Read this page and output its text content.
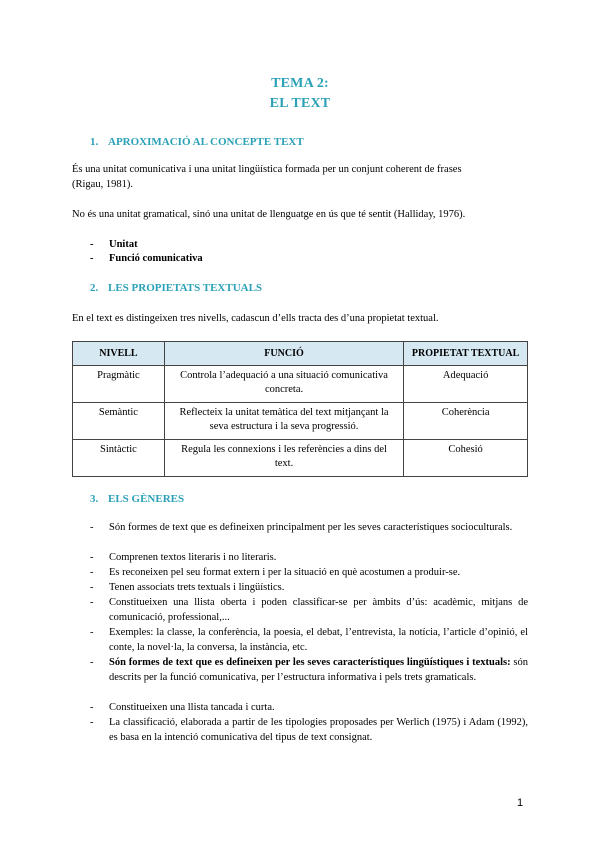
TEMA 2:
EL TEXT
1. APROXIMACIÓ AL CONCEPTE TEXT
És una unitat comunicativa i una unitat lingüística formada per un conjunt coherent de frases
(Rigau, 1981).
No és una unitat gramatical, sinó una unitat de llenguatge en ús que té sentit (Halliday, 1976).
- Unitat
- Funció comunicativa
2. LES PROPIETATS TEXTUALS
En el text es distingeixen tres nivells, cadascun d’ells tracta des d’una propietat textual.
NIVELL	FUNCIÓ	PROPIETAT TEXTUAL
Pragmàtic	Controla l’adequació a una situació comunicativa concreta.	Adequació
Semàntic	Reflecteix la unitat temàtica del text mitjançant la seva estructura i la seva progressió.	Coherència
Sintàctic	Regula les connexions i les referències a dins del text.	Cohesió
3. ELS GÈNERES
- Són formes de text que es defineixen principalment per les seves característiques socioculturals.
- Comprenen textos literaris i no literaris.
- Es reconeixen pel seu format extern i per la situació en què acostumen a produir-se.
- Tenen associats trets textuals i lingüístics.
- Constitueixen una llista oberta i poden classificar-se per àmbits d’ús: acadèmic, mitjans de comunicació, professional,...
- Exemples: la classe, la conferència, la poesia, el debat, l’entrevista, la notícia, l’article d’opinió, el conte, la novel·la, la conversa, la instància, etc.
- Són formes de text que es defineixen per les seves característiques lingüístiques i textuals: són descrits per la funció comunicativa, per l’estructura informativa i pels trets gramaticals.
- Constitueixen una llista tancada i curta.
- La classificació, elaborada a partir de les tipologies proposades per Werlich (1975) i Adam (1992), es basa en la intenció comunicativa del tipus de text consignat.
1
